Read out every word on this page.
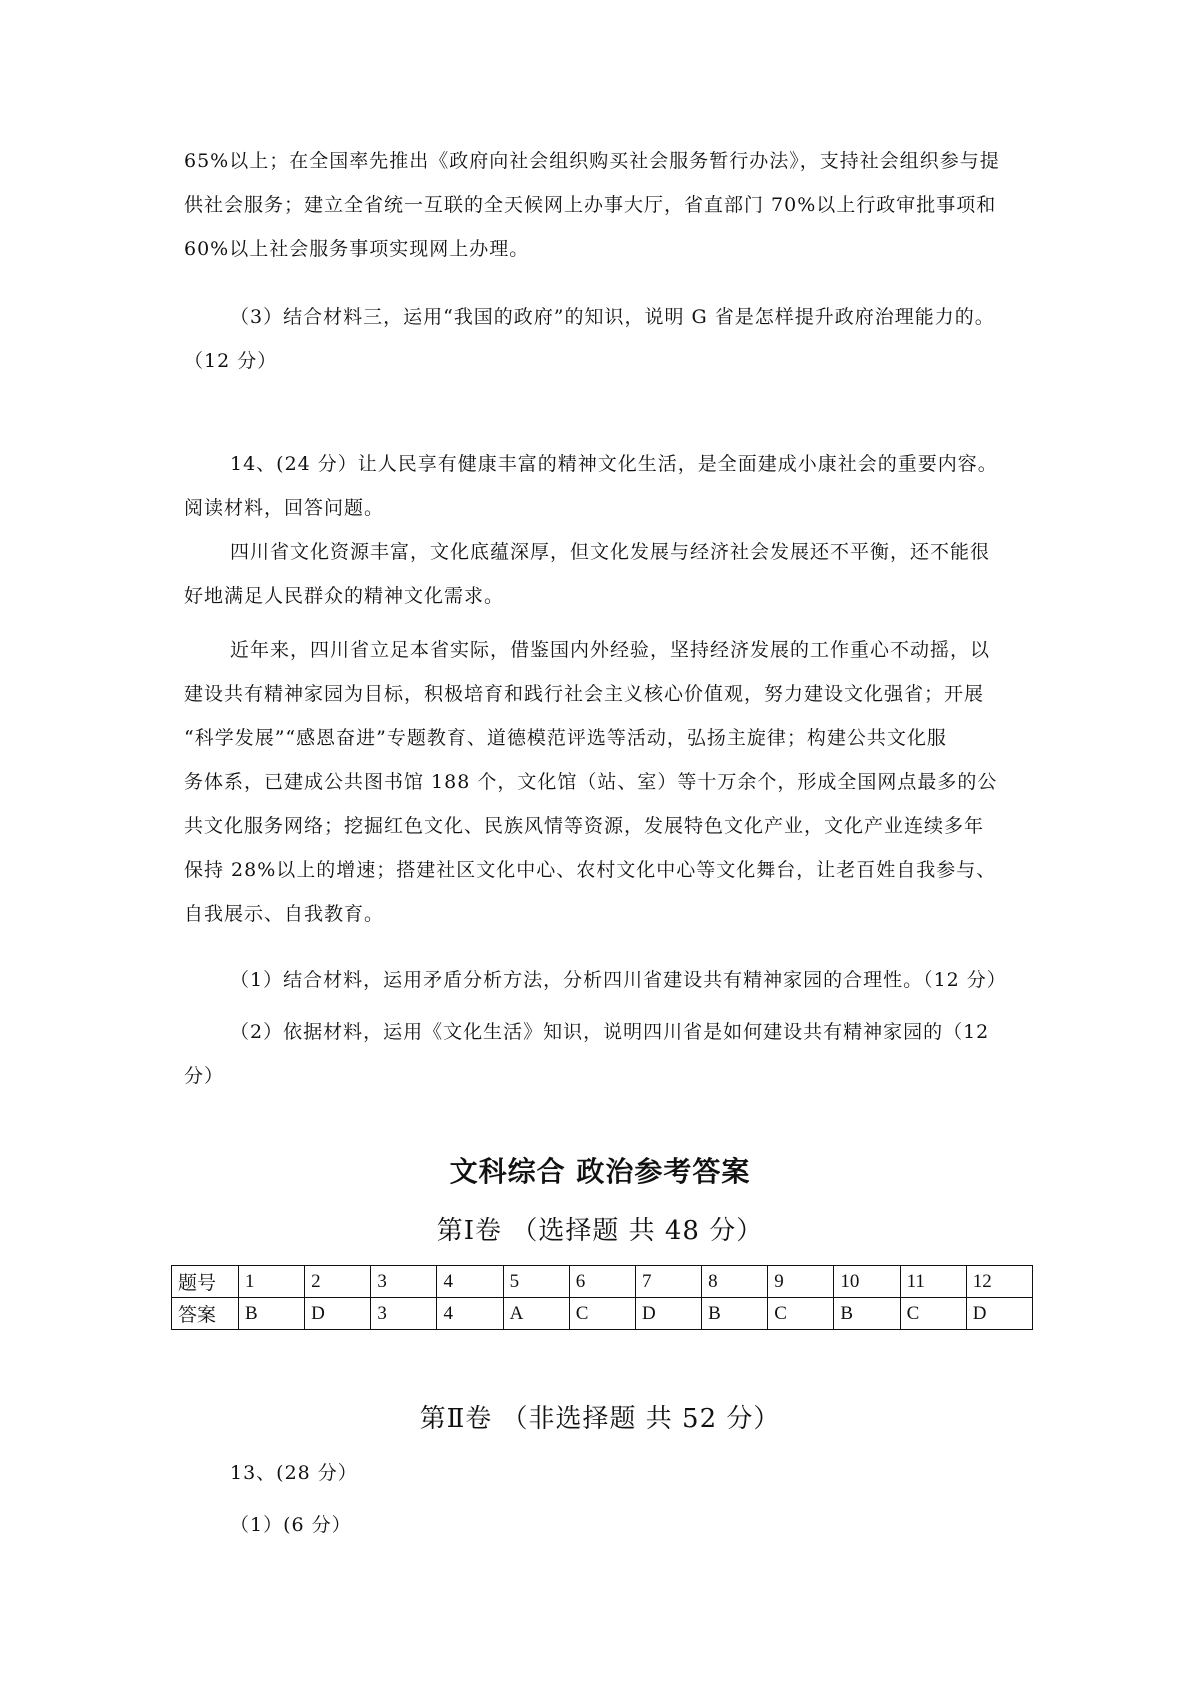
65%以上；在全国率先推出《政府向社会组织购买社会服务暂行办法》，支持社会组织参与提
供社会服务；建立全省统一互联的全天候网上办事大厅，省直部门 70%以上行政审批事项和
60%以上社会服务事项实现网上办理。
（3）结合材料三，运用“我国的政府”的知识，说明 G 省是怎样提升政府治理能力的。
（12 分）
14、(24 分）让人民享有健康丰富的精神文化生活，是全面建成小康社会的重要内容。
阅读材料，回答问题。
四川省文化资源丰富，文化底蕴深厚，但文化发展与经济社会发展还不平衡，还不能很
好地满足人民群众的精神文化需求。
近年来，四川省立足本省实际，借鉴国内外经验，坚持经济发展的工作重心不动摇，以
建设共有精神家园为目标，积极培育和践行社会主义核心价值观，努力建设文化强省；开展
“科学发展”“感恩奋进”专题教育、道德模范评选等活动，弘扬主旋律；构建公共文化服
务体系，已建成公共图书馆 188 个，文化馆（站、室）等十万余个，形成全国网点最多的公
共文化服务网络；挖掘红色文化、民族风情等资源，发展特色文化产业，文化产业连续多年
保持 28%以上的增速；搭建社区文化中心、农村文化中心等文化舞台，让老百姓自我参与、
自我展示、自我教育。
（1）结合材料，运用矛盾分析方法，分析四川省建设共有精神家园的合理性。（12 分）
（2）依据材料，运用《文化生活》知识，说明四川省是如何建设共有精神家园的（12
分）
文科综合 政治参考答案
第Ⅰ卷 （选择题 共 48 分）
题号	1	2	3	4	5	6	7	8	9	10	11	12
答案	B	D	3	4	A	C	D	B	C	B	C	D
第Ⅱ卷 （非选择题 共 52 分）
13、(28 分）
（1）(6 分）
